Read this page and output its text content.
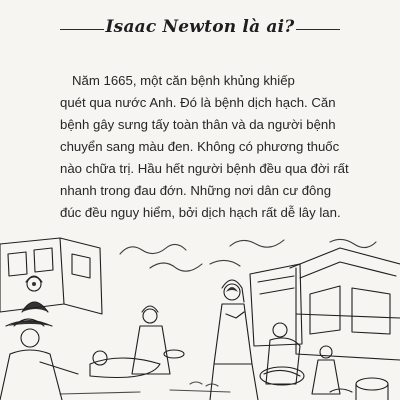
Isaac Newton là ai?
Năm 1665, một căn bệnh khủng khiếp
quét qua nước Anh. Đó là bệnh dịch hạch. Căn
bệnh gây sưng tấy toàn thân và da người bệnh
chuyển sang màu đen. Không có phương thuốc
nào chữa trị. Hầu hết người bệnh đều qua đời rất
nhanh trong đau đớn. Những nơi dân cư đông
đúc đều nguy hiểm, bởi dịch hạch rất dễ lây lan.
